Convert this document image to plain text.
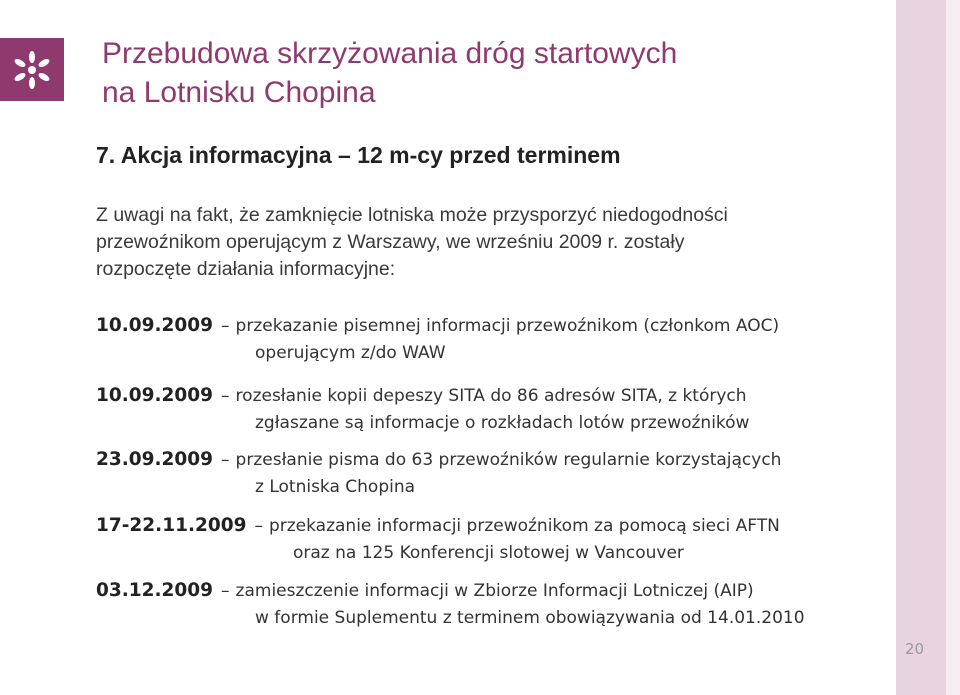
Przebudowa skrzyżowania dróg startowych
na Lotnisku Chopina
7. Akcja informacyjna – 12 m-cy przed terminem
Z uwagi na fakt, że zamknięcie lotniska może przysporzyć niedogodności
przewoźnikom operującym z Warszawy, we wrześniu 2009 r. zostały
rozpoczęte działania informacyjne:
10.09.2009 – przekazanie pisemnej informacji przewoźnikom (członkom AOC)
operującym z/do WAW
10.09.2009 – rozesłanie kopii depeszy SITA do 86 adresów SITA, z których
zgłaszane są informacje o rozkładach lotów przewoźników
23.09.2009 – przesłanie pisma do 63 przewoźników regularnie korzystających
z Lotniska Chopina
17-22.11.2009 – przekazanie informacji przewoźnikom za pomocą sieci AFTN
oraz na 125 Konferencji slotowej w Vancouver
03.12.2009 – zamieszczenie informacji w Zbiorze Informacji Lotniczej (AIP)
w formie Suplementu z terminem obowiązywania od 14.01.2010
20
